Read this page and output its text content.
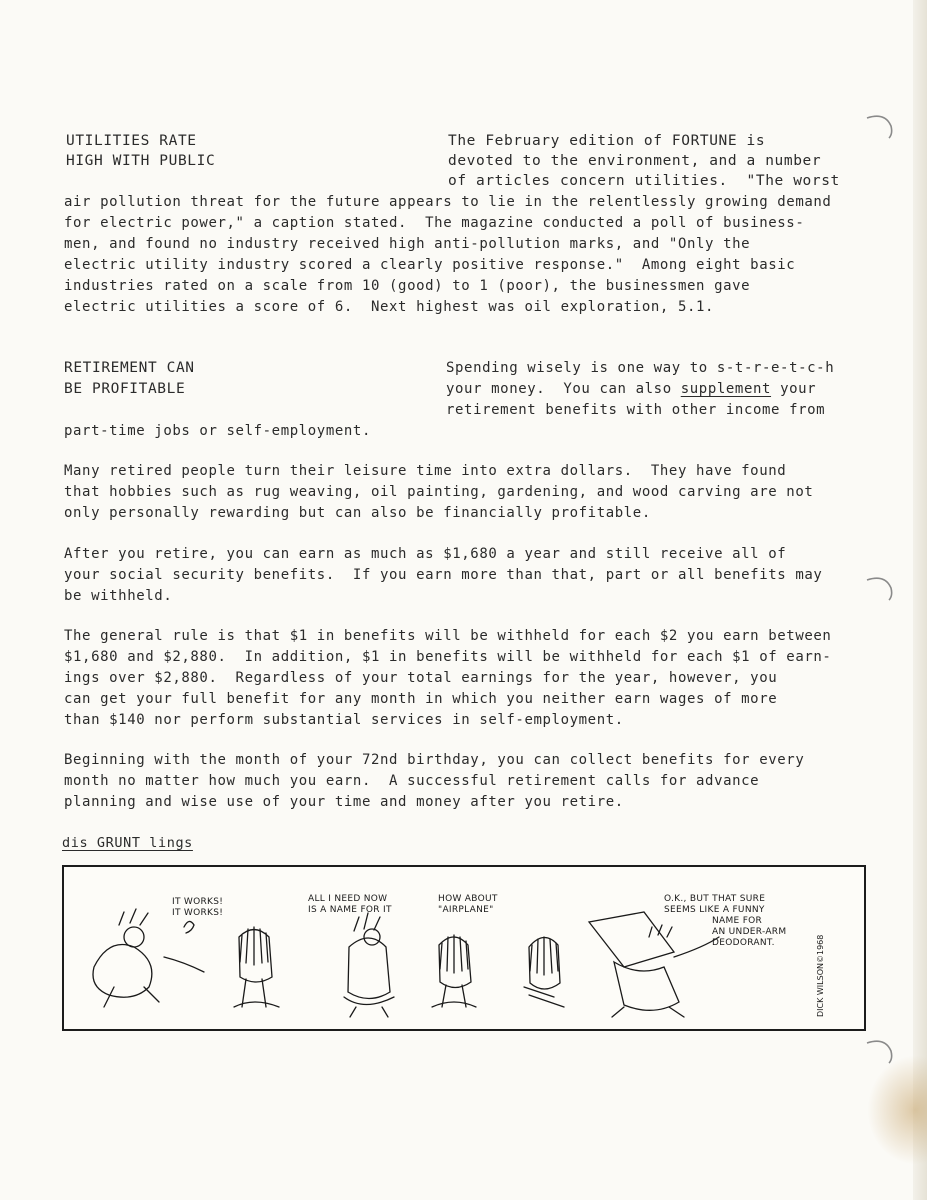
UTILITIES RATE
HIGH WITH PUBLIC
The February edition of FORTUNE is
devoted to the environment, and a number
of articles concern utilities.  "The worst
air pollution threat for the future appears to lie in the relentlessly growing demand
for electric power," a caption stated.  The magazine conducted a poll of business-
men, and found no industry received high anti-pollution marks, and "Only the
electric utility industry scored a clearly positive response."  Among eight basic
industries rated on a scale from 10 (good) to 1 (poor), the businessmen gave
electric utilities a score of 6.  Next highest was oil exploration, 5.1.
RETIREMENT CAN
BE PROFITABLE
Spending wisely is one way to s-t-r-e-t-c-h
your money.  You can also supplement your
retirement benefits with other income from
part-time jobs or self-employment.
Many retired people turn their leisure time into extra dollars.  They have found
that hobbies such as rug weaving, oil painting, gardening, and wood carving are not
only personally rewarding but can also be financially profitable.
After you retire, you can earn as much as $1,680 a year and still receive all of
your social security benefits.  If you earn more than that, part or all benefits may
be withheld.
The general rule is that $1 in benefits will be withheld for each $2 you earn between
$1,680 and $2,880.  In addition, $1 in benefits will be withheld for each $1 of earn-
ings over $2,880.  Regardless of your total earnings for the year, however, you
can get your full benefit for any month in which you neither earn wages of more
than $140 nor perform substantial services in self-employment.
Beginning with the month of your 72nd birthday, you can collect benefits for every
month no matter how much you earn.  A successful retirement calls for advance
planning and wise use of your time and money after you retire.
dis GRUNT lings
IT WORKS!
IT WORKS!
ALL I NEED NOW
IS A NAME FOR IT
HOW ABOUT
"AIRPLANE"
O.K., BUT THAT SURE
SEEMS LIKE A FUNNY
NAME FOR
AN UNDER-ARM
DEODORANT.	DICK WILSON©1968
